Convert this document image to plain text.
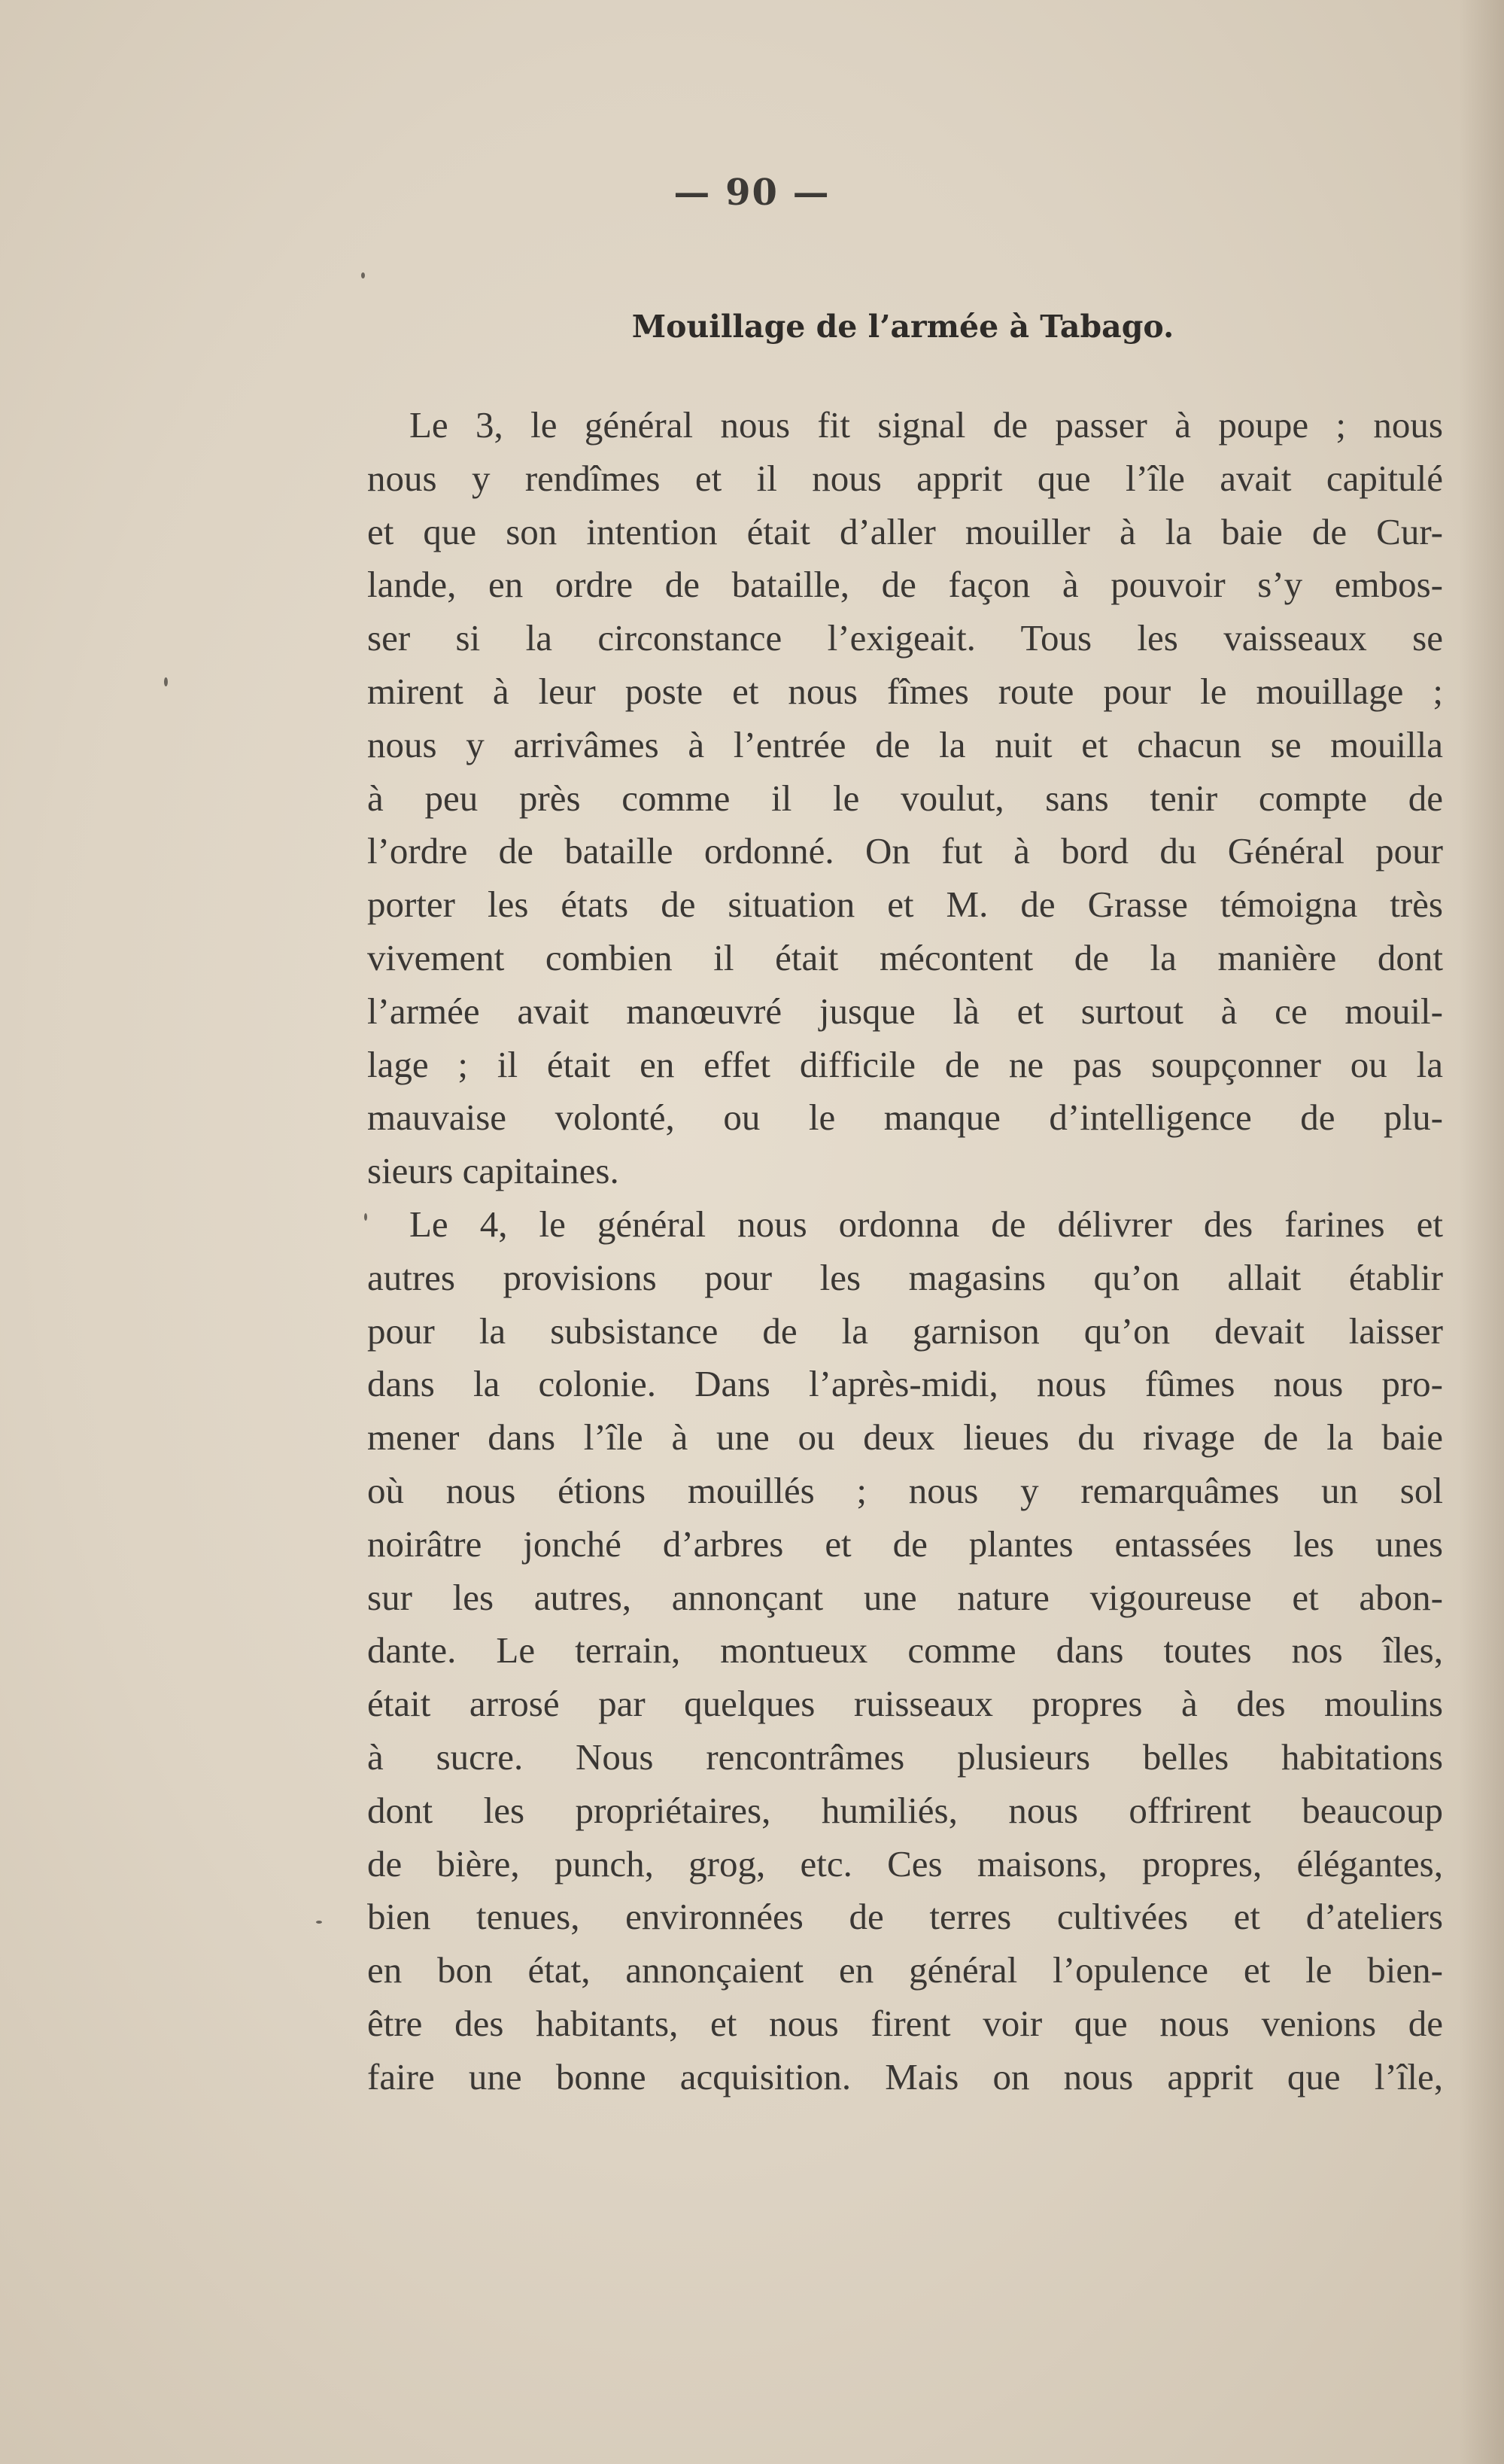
— 90 —
Mouillage de l’armée à Tabago.
Le 3, le général nous fit signal de passer à poupe ; nous
nous y rendîmes et il nous apprit que l’île avait capitulé
et que son intention était d’aller mouiller à la baie de Cur-
lande, en ordre de bataille, de façon à pouvoir s’y embos-
ser si la circonstance l’exigeait. Tous les vaisseaux se
mirent à leur poste et nous fîmes route pour le mouillage ;
nous y arrivâmes à l’entrée de la nuit et chacun se mouilla
à peu près comme il le voulut, sans tenir compte de
l’ordre de bataille ordonné. On fut à bord du Général pour
porter les états de situation et M. de Grasse témoigna très
vivement combien il était mécontent de la manière dont
l’armée avait manœuvré jusque là et surtout à ce mouil-
lage ; il était en effet difficile de ne pas soupçonner ou la
mauvaise volonté, ou le manque d’intelligence de plu-
sieurs capitaines.
Le 4, le général nous ordonna de délivrer des farines et
autres provisions pour les magasins qu’on allait établir
pour la subsistance de la garnison qu’on devait laisser
dans la colonie. Dans l’après-midi, nous fûmes nous pro-
mener dans l’île à une ou deux lieues du rivage de la baie
où nous étions mouillés ; nous y remarquâmes un sol
noirâtre jonché d’arbres et de plantes entassées les unes
sur les autres, annonçant une nature vigoureuse et abon-
dante. Le terrain, montueux comme dans toutes nos îles,
était arrosé par quelques ruisseaux propres à des moulins
à sucre. Nous rencontrâmes plusieurs belles habitations
dont les propriétaires, humiliés, nous offrirent beaucoup
de bière, punch, grog, etc. Ces maisons, propres, élégantes,
bien tenues, environnées de terres cultivées et d’ateliers
en bon état, annonçaient en général l’opulence et le bien-
être des habitants, et nous firent voir que nous venions de
faire une bonne acquisition. Mais on nous apprit que l’île,
